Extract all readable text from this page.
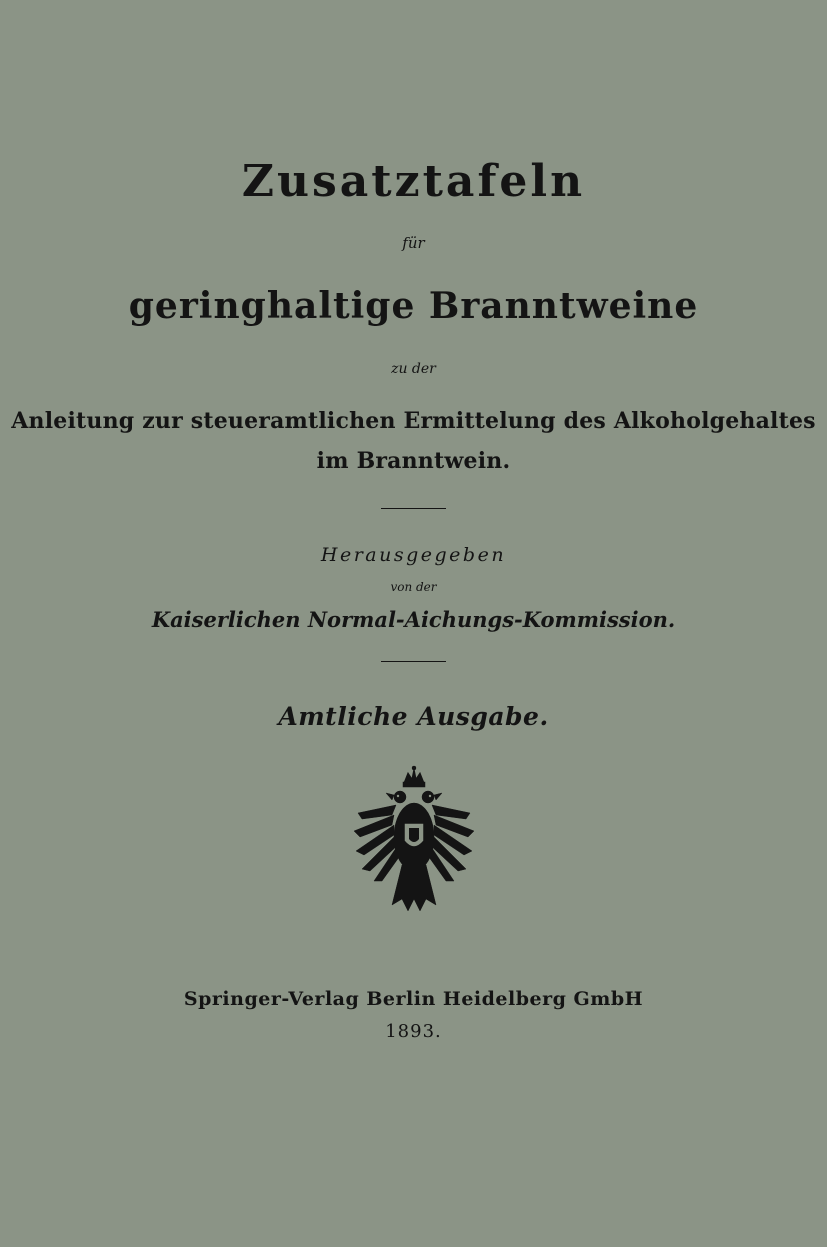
Zusatztafeln
für
geringhaltige Branntweine
zu der
Anleitung zur steueramtlichen Ermittelung des Alkoholgehaltes
im Branntwein.
Herausgegeben
von der
Kaiserlichen Normal-Aichungs-Kommission.
Amtliche Ausgabe.
Springer-Verlag Berlin Heidelberg GmbH
1893.
